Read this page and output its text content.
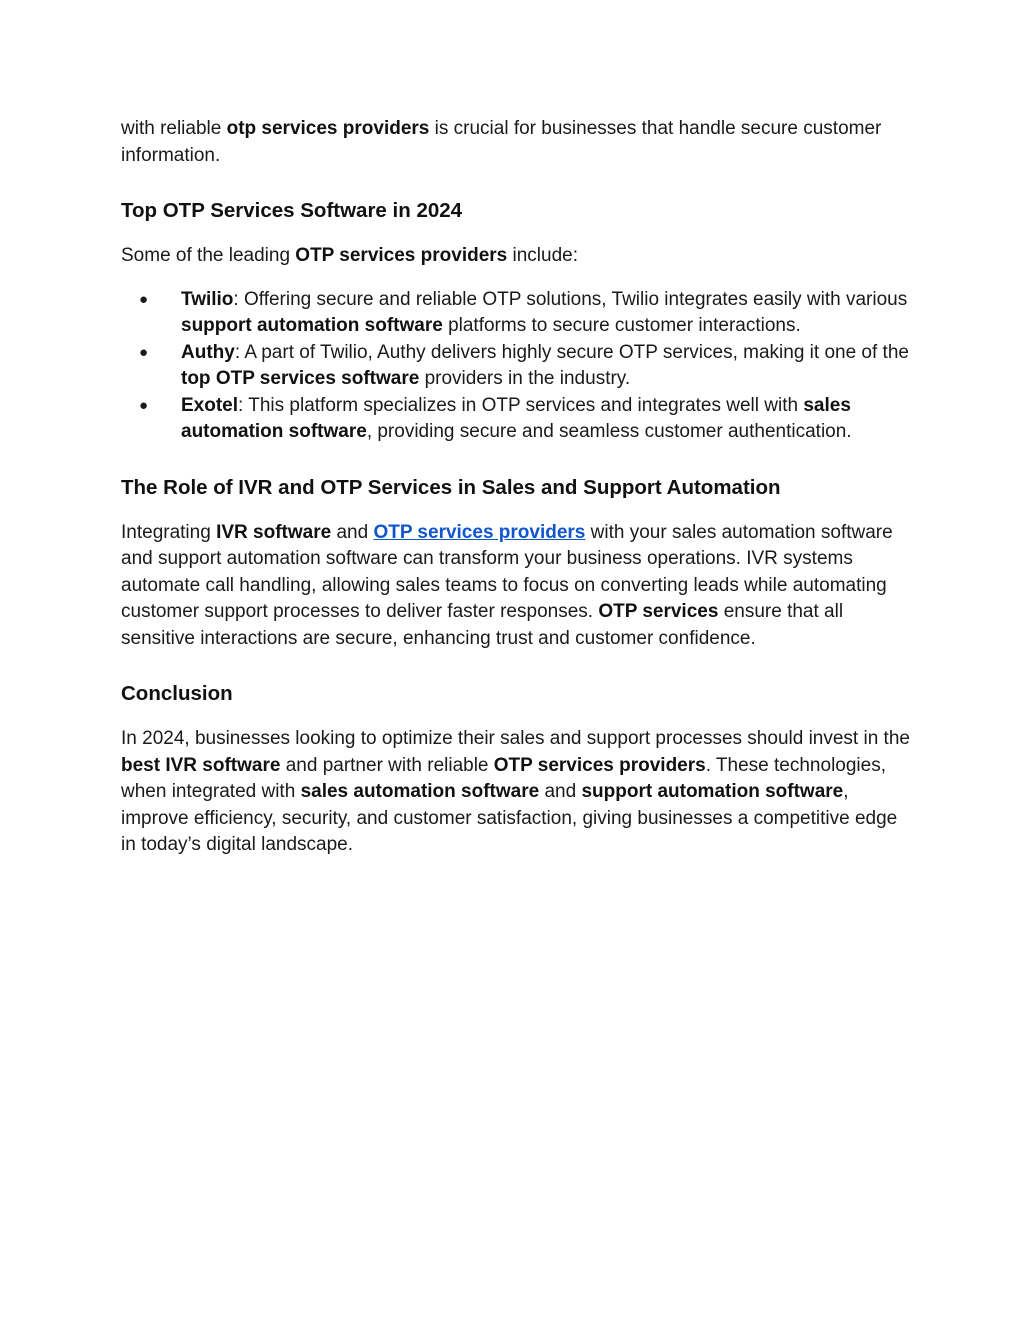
with reliable otp services providers is crucial for businesses that handle secure customer information.

Top OTP Services Software in 2024

Some of the leading OTP services providers include:

● Twilio: Offering secure and reliable OTP solutions, Twilio integrates easily with various support automation software platforms to secure customer interactions.
● Authy: A part of Twilio, Authy delivers highly secure OTP services, making it one of the top OTP services software providers in the industry.
● Exotel: This platform specializes in OTP services and integrates well with sales automation software, providing secure and seamless customer authentication.
The Role of IVR and OTP Services in Sales and Support Automation

Integrating IVR software and OTP services providers with your sales automation software and support automation software can transform your business operations. IVR systems automate call handling, allowing sales teams to focus on converting leads while automating customer support processes to deliver faster responses. OTP services ensure that all sensitive interactions are secure, enhancing trust and customer confidence.

Conclusion

In 2024, businesses looking to optimize their sales and support processes should invest in the best IVR software and partner with reliable OTP services providers. These technologies, when integrated with sales automation software and support automation software, improve efficiency, security, and customer satisfaction, giving businesses a competitive edge in today’s digital landscape.
